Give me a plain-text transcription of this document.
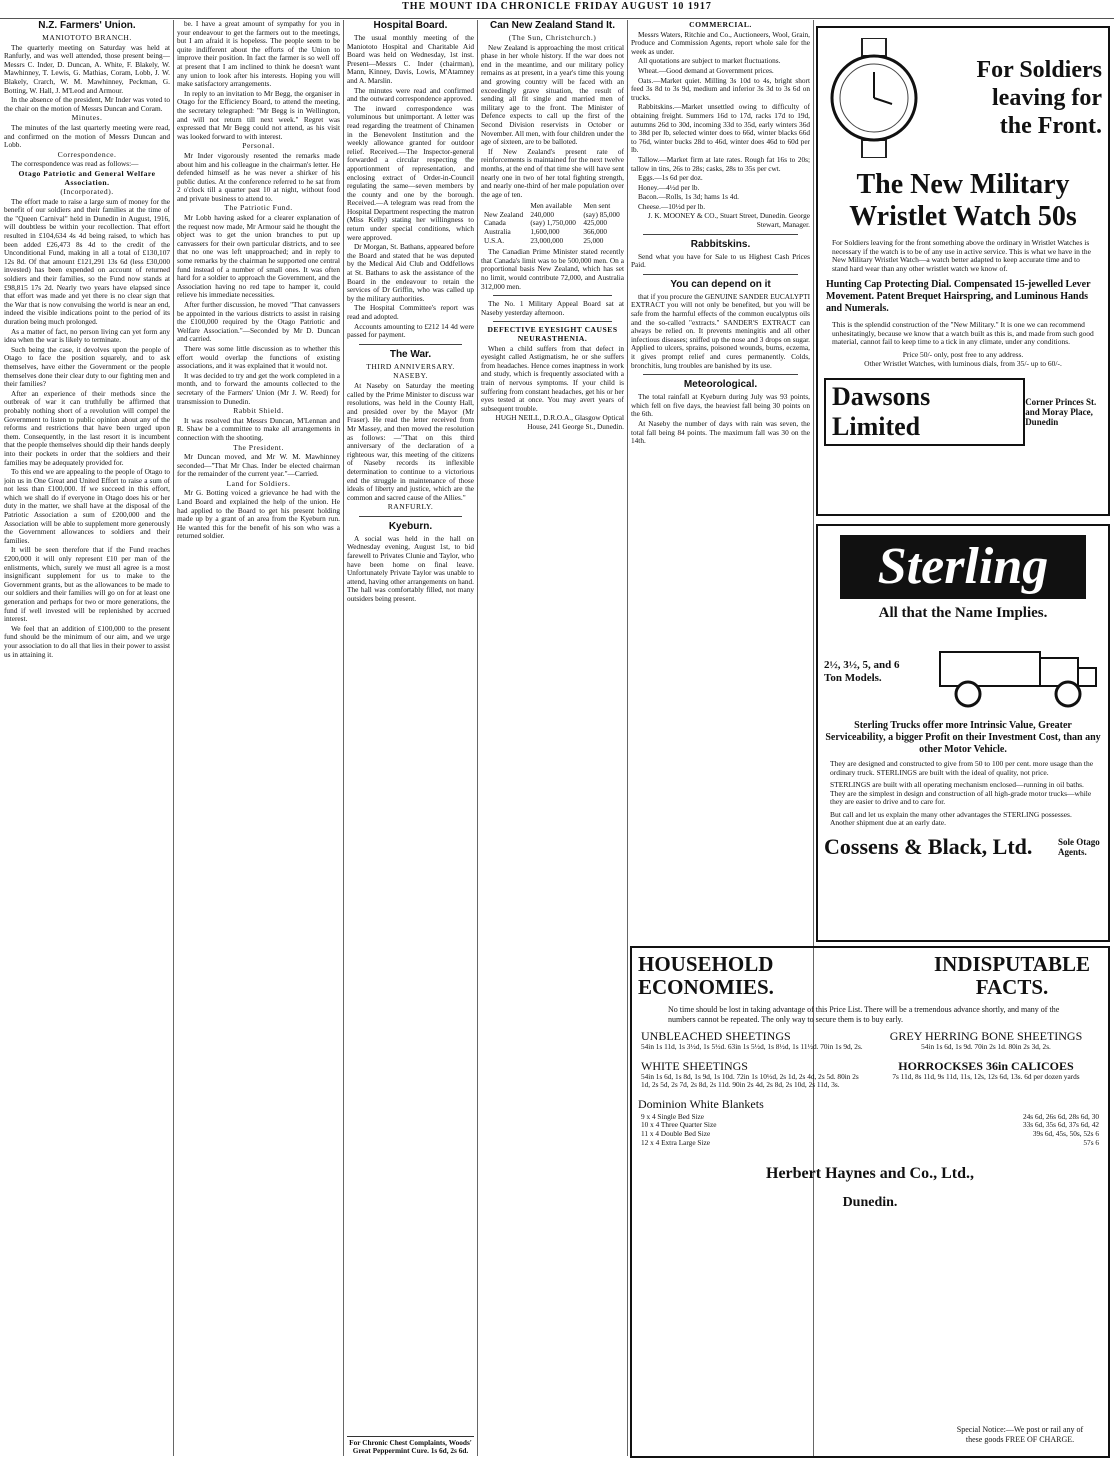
THE MOUNT IDA CHRONICLE FRIDAY AUGUST 10 1917
N.Z. Farmers' Union.
MANIOTOTO BRANCH.

The quarterly meeting on Saturday was held at Ranfurly, and was well attended, those present being—Messrs C. Inder, D. Duncan, A. White, F. Blakely, W. Mawhinney, T. Lewis, G. Mathias, Coram, Lobb, J. W. Blakely, Crarch, W. M. Mawhinney, Peckman, G. Botting, W. Hall, J. M'Leod and Armour.

In the absence of the president, Mr Inder was voted to the chair on the motion of Messrs Duncan and Coram.

Minutes.

The minutes of the last quarterly meeting were read, and confirmed on the motion of Messrs Duncan and Lobb.

Correspondence.

The correspondence was read as follows:—

Otago Patriotic and General Welfare Association.
(Incorporated).

The effort made to raise a large sum of money for the benefit of our soldiers and their families at the time of the "Queen Carnival" held in Dunedin in August, 1916, will doubtless be within your recollection. That effort resulted in £104,634 4s 4d being raised, to which has been added £26,473 8s 4d to the credit of the Unconditional Fund, making in all a total of £130,107 12s 8d. Of that amount £121,291 13s 6d (less £30,000 invested) has been expended on account of returned soldiers and their families, so the Fund now stands at £98,815 17s 2d. Nearly two years have elapsed since that effort was made and yet there is no clear sign that the War that is now convulsing the world is near an end, indeed the visible indications point to the period of its duration being much prolonged.

As a matter of fact, no person living can yet form any idea when the war is likely to terminate.

Such being the case, it devolves upon the people of Otago to face the position squarely, and to ask themselves, have either the Government or the people themselves done their clear duty to our fighting men and their families?

After an experience of their methods since the outbreak of war it can truthfully be affirmed that probably nothing short of a revolution will compel the Government to listen to public opinion about any of the reforms and restrictions that have been urged upon them. Consequently, in the last resort it is incumbent that the people themselves should dip their hands deeply into their pockets in order that the soldiers and their families may be adequately provided for.

To this end we are appealing to the people of Otago to join us in One Great and United Effort to raise a sum of not less than £100,000. If we succeed in this effort, which we shall do if everyone in Otago does his or her duty in the matter, we shall have at the disposal of the Patriotic Association a sum of £200,000 and the Association will be able to supplement more generously the Government allowances to soldiers and their families.

It will be seen therefore that if the Fund reaches £200,000 it will only represent £10 per man of the enlistments, which, surely we must all agree is a most insignificant supplement for us to make to the Government grants, but as the allowances to be made to our soldiers and their families will go on for at least one generation and perhaps for two or more generations, the fund if well invested will be replenished by accrued interest.

We feel that an addition of £100,000 to the present fund should be the minimum of our aim, and we urge your association to do all that lies in their power to assist us in attaining it.

be. I have a great amount of sympathy for you in your endeavour to get the farmers out to the meetings, but I am afraid it is hopeless. The people seem to be quite indifferent about the efforts of the Union to improve their position. In fact the farmer is so well off at present that I am inclined to think he doesn't want any union to look after his interests. Hoping you will make satisfactory arrangements.

In reply to an invitation to Mr Begg, the organiser in Otago for the Efficiency Board, to attend the meeting, the secretary telegraphed: "Mr Begg is in Wellington, and will not return till next week." Regret was expressed that Mr Begg could not attend, as his visit was looked forward to with interest.

Personal.

Mr Inder vigorously resented the remarks made about him and his colleague in the chairman's letter. He defended himself as he was never a shirker of his public duties. At the conference referred to he sat from 2 o'clock till a quarter past 10 at night, without food and private business to attend to.

The Patriotic Fund.

Mr Lobb having asked for a clearer explanation of the request now made, Mr Armour said he thought the object was to get the union branches to put up canvassers for their own particular districts, and to see that no one was left unapproached; and in reply to some remarks by the chairman he supported one central fund instead of a number of small ones. It was often hard for a soldier to approach the Government, and the Association having no red tape to hamper it, could relieve his immediate necessities.

After further discussion, he moved "That canvassers be appointed in the various districts to assist in raising the £100,000 required by the Otago Patriotic and Welfare Association."—Seconded by Mr D. Duncan and carried.

There was some little discussion as to whether this effort would overlap the functions of existing associations, and it was explained that it would not.

It was decided to try and get the work completed in a month, and to forward the amounts collected to the secretary of the Farmers' Union (Mr J. W. Reed) for transmission to Dunedin.

Rabbit Shield.

It was resolved that Messrs Duncan, M'Lennan and R. Shaw be a committee to make all arrangements in connection with the shooting.

The President.

Mr Duncan moved, and Mr W. M. Mawhinney seconded—"That Mr Chas. Inder be elected chairman for the remainder of the current year."—Carried.

Land for Soldiers.

Mr G. Botting voiced a grievance he had with the Land Board and explained the help of the union. He had applied to the Board to get his present holding made up by a grant of an area from the Kyeburn run. He wanted this for the benefit of his son who was a returned soldier.

Hospital Board.

The usual monthly meeting of the Maniototo Hospital and Charitable Aid Board was held on Wednesday, 1st inst. Present—Messrs C. Inder (chairman), Mann, Kinney, Davis, Lowis, M'Atamney and A. Marslin.

The minutes were read and confirmed and the outward correspondence approved.

The inward correspondence was voluminous but unimportant. A letter was read regarding the treatment of Chinamen in the Benevolent Institution and the weekly allowance granted for outdoor relief. Received.—The Inspector-general forwarded a circular respecting the apportionment of representation, and enclosing extract of Order-in-Council regulating the same—seven members by the county and one by the borough. Received.—A telegram was read from the Hospital Department respecting the matron (Miss Kelly) stating her willingness to return under special conditions, which were approved.

Dr Morgan, St. Bathans, appeared before the Board and stated that he was deputed by the Medical Aid Club and Oddfellows at St. Bathans to ask the assistance of the Board in the endeavour to retain the services of Dr Griffin, who was called up by the military authorities.

The Hospital Committee's report was read and adopted.

Accounts amounting to £212 14 4d were passed for payment.

The War.
THIRD ANNIVERSARY.
NASEBY.

At Naseby on Saturday the meeting called by the Prime Minister to discuss war resolutions, was held in the County Hall, and presided over by the Mayor (Mr Fraser). He read the letter received from Mr Massey, and then moved the resolution as follows: —"That on this third anniversary of the declaration of a righteous war, this meeting of the citizens of Naseby records its inflexible determination to continue to a victorious end the struggle in maintenance of those ideals of liberty and justice, which are the common and sacred cause of the Allies."

RANFURLY.
Kyeburn.

A social was held in the hall on Wednesday evening, August 1st, to bid farewell to Privates Clunie and Taylor, who have been home on final leave. Unfortunately Private Taylor was unable to attend, having other arrangements on hand. The hall was comfortably filled, not many outsiders being present.

For Chronic Chest Complaints, Woods' Great Peppermint Cure. 1s 6d, 2s 6d.
Can New Zealand Stand It.
(The Sun, Christchurch.)

New Zealand is approaching the most critical phase in her whole history. If the war does not end in the meantime, and our military policy remains as at present, in a year's time this young and growing country will be faced with an exceedingly grave situation, the result of sending all fit single and married men of military age to the front. The Minister of Defence expects to call up the first of the Second Division reservists in October or November. All men, with four children under the age of sixteen, are to be balloted.

If New Zealand's present rate of reinforcements is maintained for the next twelve months, at the end of that time she will have sent nearly one in two of her total fighting strength, and nearly one-third of her male population over the age of ten.

	Men available	Men sent
New Zealand	240,000	(say) 85,000
Canada	(say) 1,750,000	425,000
Australia	1,600,000	366,000
U.S.A.	23,000,000	25,000

The Canadian Prime Minister stated recently that Canada's limit was to be 500,000 men. On a proportional basis New Zealand, which has set no limit, would contribute 72,000, and Australia 312,000 men.

The No. 1 Military Appeal Board sat at Naseby yesterday afternoon.

DEFECTIVE EYESIGHT CAUSES NEURASTHENIA.

When a child suffers from that defect in eyesight called Astigmatism, he or she suffers from headaches. Hence comes inaptness in work and study, which is frequently associated with a train of nervous symptoms. If your child is suffering from constant headaches, get his or her eyes tested at once. You may avert years of subsequent trouble.

HUGH NEILL, D.R.O.A., Glasgow Optical House, 241 George St., Dunedin.

COMMERCIAL.

Messrs Waters, Ritchie and Co., Auctioneers, Wool, Grain, Produce and Commission Agents, report whole sale for the week as under.

All quotations are subject to market fluctuations.

Wheat.—Good demand at Government prices.

Oats.—Market quiet. Milling 3s 10d to 4s, bright short feed 3s 8d to 3s 9d, medium and inferior 3s 3d to 3s 6d on trucks.

Rabbitskins.—Market unsettled owing to difficulty of obtaining freight. Summers 16d to 17d, racks 17d to 19d, autumns 26d to 30d, incoming 33d to 35d, early winters 36d to 38d per lb, selected winter does to 66d, winter blacks 66d to 76d, winter bucks 28d to 46d, winter does 46d to 60d per lb.

Tallow.—Market firm at late rates. Rough fat 16s to 20s; tallow in tins, 26s to 28s; casks, 28s to 35s per cwt.

Eggs.—1s 6d per doz.

Honey.—4½d per lb.

Bacon.—Rolls, 1s 3d; hams 1s 4d.

Cheese.—10½d per lb.

J. K. MOONEY & CO., Stuart Street, Dunedin. George Stewart, Manager.

Rabbitskins.

Send what you have for Sale to us Highest Cash Prices Paid.

You can depend on it

that if you procure the GENUINE SANDER EUCALYPTI EXTRACT you will not only be benefited, but you will be safe from the harmful effects of the common eucalyptus oils and the so-called "extracts." SANDER'S EXTRACT can always be relied on. It prevents meningitis and all other infectious diseases; sniffed up the nose and 3 drops on sugar. Applied to ulcers, sprains, poisoned wounds, burns, eczema, it gives prompt relief and cures permanently. Colds, bronchitis, lung troubles are banished by its use.

Meteorological.

The total rainfall at Kyeburn during July was 93 points, which fell on five days, the heaviest fall being 30 points on the 6th.

At Naseby the number of days with rain was seven, the total fall being 84 points. The maximum fall was 30 on the 14th.

For Soldiers
leaving for
the Front.
The New Military Wristlet Watch 50s

For Soldiers leaving for the front something above the ordinary in Wristlet Watches is necessary if the watch is to be of any use in active service. This is what we have in the New Military Wristlet Watch—a watch better adapted to keep accurate time and to stand hard wear than any other wristlet watch we know of.

Hunting Cap Protecting Dial. Compensated 15-jewelled Lever Movement. Patent Brequet Hairspring, and Luminous Hands and Numerals.

This is the splendid construction of the "New Military." It is one we can recommend unhesitatingly, because we know that a watch built as this is, and made from such good material, cannot fail to keep time to a tick in any climate, under any conditions.

Price 50/- only, post free to any address.
Other Wristlet Watches, with luminous dials, from 35/- up to 60/-.
Dawsons Limited
Corner Princes St. and Moray Place, Dunedin
Sterling
All that the Name Implies.
2½, 3½, 5, and 6 Ton Models.
Sterling Trucks offer more Intrinsic Value, Greater Serviceability, a bigger Profit on their Investment Cost, than any other Motor Vehicle.

They are designed and constructed to give from 50 to 100 per cent. more usage than the ordinary truck. STERLINGS are built with the ideal of quality, not price.

STERLINGS are built with all operating mechanism enclosed—running in oil baths. They are the simplest in design and construction of all high-grade motor trucks—while they are easier to drive and to care for.

But call and let us explain the many other advantages the STERLING possesses. Another shipment due at an early date.

Cossens & Black, Ltd.	Sole Otago Agents.
HOUSEHOLD ECONOMIES.
INDISPUTABLE FACTS.

No time should be lost in taking advantage of this Price List. There will be a tremendous advance shortly, and many of the numbers cannot be repeated. The only way to secure them is to buy early.

UNBLEACHED SHEETINGS
54in 1s 11d, 1s 3½d, 1s 5½d. 63in 1s 5½d, 1s 8½d, 1s 11½d. 70in 1s 9d, 2s.
WHITE SHEETINGS
54in 1s 6d, 1s 8d, 1s 9d, 1s 10d. 72in 1s 10½d, 2s 1d, 2s 4d, 2s 5d. 80in 2s 1d, 2s 5d, 2s 7d, 2s 8d, 2s 11d. 90in 2s 4d, 2s 8d, 2s 10d, 2s 11d, 3s.

GREY HERRING BONE SHEETINGS
54in 1s 6d, 1s 9d. 70in 2s 1d. 80in 2s 3d, 2s.
HORROCKSES 36in CALICOES
7s 11d, 8s 11d, 9s 11d, 11s, 12s, 12s 6d, 13s. 6d per dozen yards
Dominion White Blankets
9 x 4 Single Bed Size	24s 6d, 26s 6d, 28s 6d, 30
10 x 4 Three Quarter Size	33s 6d, 35s 6d, 37s 6d, 42
11 x 4 Double Bed Size	39s 6d, 45s, 50s, 52s 6
12 x 4 Extra Large Size	57s 6
Herbert Haynes and Co., Ltd.,
Dunedin.
Special Notice:—We post or rail any of these goods FREE OF CHARGE.
